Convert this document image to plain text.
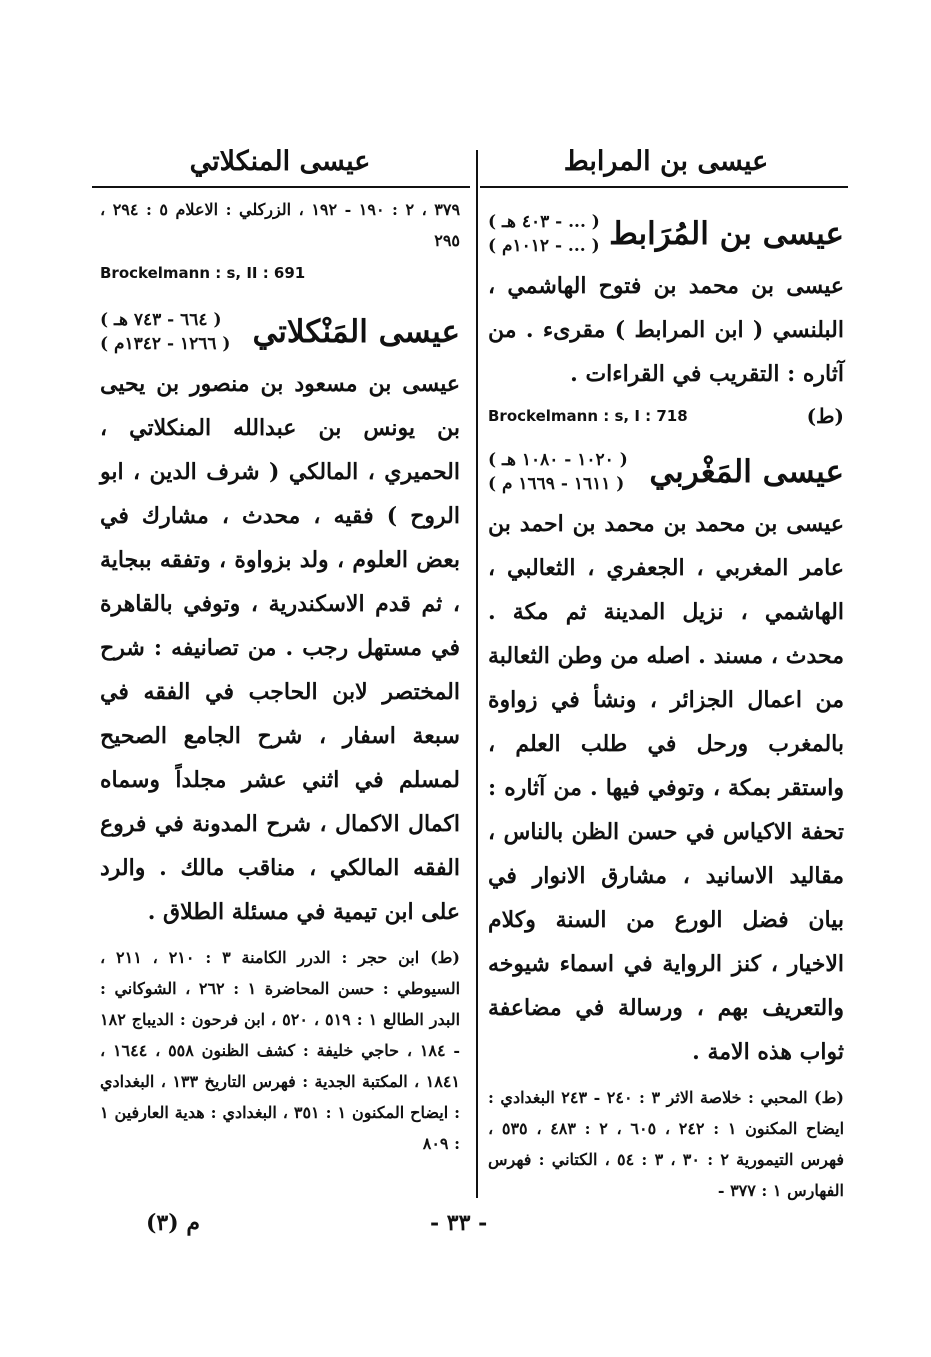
عيسى بن المرابط
عيسى بن المُرَابط
( ... - ٤٠٣ هـ )
( ... - ١٠١٢م )
عيسى بن محمد بن فتوح الهاشمي ، البلنسي ( ابن المرابط ) مقرىء . من آثاره : التقريب في القراءات .
(ط)
Brockelmann : s, I : 718
عيسى المَغْربي
( ١٠٢٠ - ١٠٨٠ هـ )
( ١٦١١ - ١٦٦٩ م )
عيسى بن محمد بن محمد بن احمد بن عامر المغربي ، الجعفري ، الثعالبي ، الهاشمي ، نزيل المدينة ثم مكة . محدث ، مسند . اصله من وطن الثعالبة من اعمال الجزائر ، ونشأ في زواوة بالمغرب ورحل في طلب العلم ، واستقر بمكة ، وتوفي فيها . من آثاره : تحفة الاكياس في حسن الظن بالناس ، مقاليد الاسانيد ، مشارق الانوار في بيان فضل الورع من السنة وكلام الاخيار ، كنز الرواية في اسماء شيوخه والتعريف بهم ، ورسالة في مضاعفة ثواب هذه الامة .
(ط) المحبي : خلاصة الاثر ٣ : ٢٤٠ - ٢٤٣ البغدادي : ايضاح المكنون ١ : ٢٤٢ ، ٦٠٥ ، ٢ : ٤٨٣ ، ٥٣٥ ، فهرس التيمورية ٢ : ٣٠ ، ٣ : ٥٤ ، الكتاني : فهرس الفهارس ١ : ٣٧٧ -
عيسى المنكلاتي
٣٧٩ ، ٢ : ١٩٠ - ١٩٢ ، الزركلي : الاعلام ٥ : ٢٩٤ ، ٢٩٥
Brockelmann : s, II : 691
عيسى المَنْكلاتي
( ٦٦٤ - ٧٤٣ هـ )
( ١٢٦٦ - ١٣٤٢م )
عيسى بن مسعود بن منصور بن يحيى بن يونس بن عبدالله المنكلاتي ، الحميري ، المالكي ( شرف الدين ، ابو الروح ) فقيه ، محدث ، مشارك في بعض العلوم ، ولد بزواوة ، وتفقه ببجاية ، ثم قدم الاسكندرية ، وتوفي بالقاهرة في مستهل رجب . من تصانيفه : شرح المختصر لابن الحاجب في الفقه في سبعة اسفار ، شرح الجامع الصحيح لمسلم في اثني عشر مجلداً وسماه اكمال الاكمال ، شرح المدونة في فروع الفقه المالكي ، مناقب مالك . والرد على ابن تيمية في مسئلة الطلاق .
(ط) ابن حجر : الدرر الكامنة ٣ : ٢١٠ ، ٢١١ ، السيوطي : حسن المحاضرة ١ : ٢٦٢ ، الشوكاني : البدر الطالع ١ : ٥١٩ ، ٥٢٠ ، ابن فرحون : الديباج ١٨٢ - ١٨٤ ، حاجي خليفة : كشف الظنون ٥٥٨ ، ١٦٤٤ ، ١٨٤١ ، المكتبة الجدية : فهرس التاريخ ١٣٣ ، البغدادي : ايضاح المكنون ١ : ٣٥١ ، البغدادي : هدية العارفين ١ : ٨٠٩
- ٣٣ -
م (٣)
